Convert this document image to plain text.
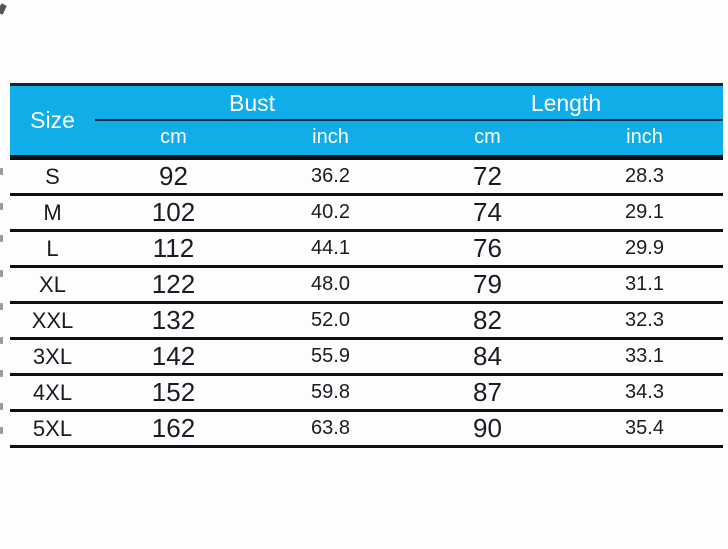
Size
Bust	Length
cm	inch	cm	inch
S	92	36.2	72	28.3
M	102	40.2	74	29.1
L	112	44.1	76	29.9
XL	122	48.0	79	31.1
XXL	132	52.0	82	32.3
3XL	142	55.9	84	33.1
4XL	152	59.8	87	34.3
5XL	162	63.8	90	35.4
